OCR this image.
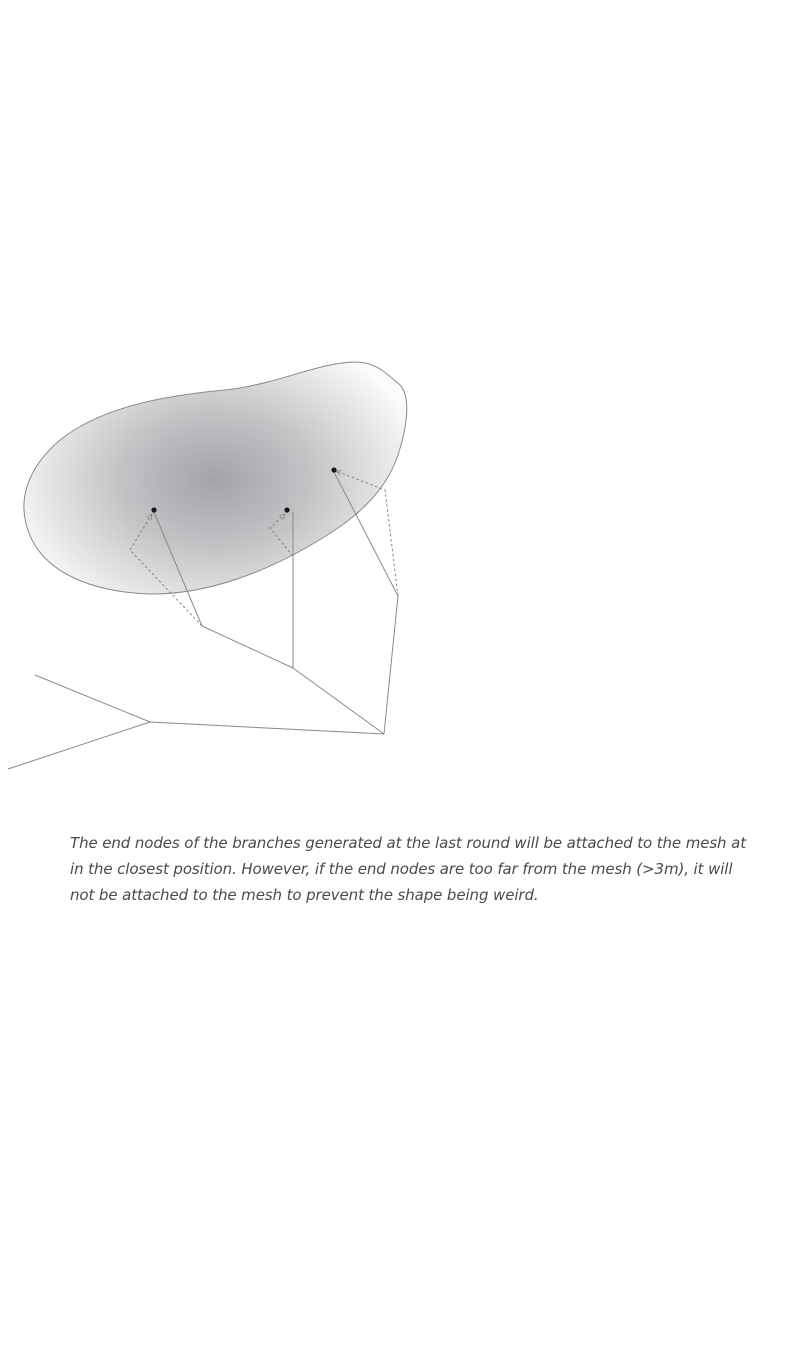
The end nodes of the branches generated at the last round will be attached to the mesh at
in the closest position. However, if the end nodes are too far from the mesh (>3m), it will
not be attached to the mesh to prevent the shape being weird.
